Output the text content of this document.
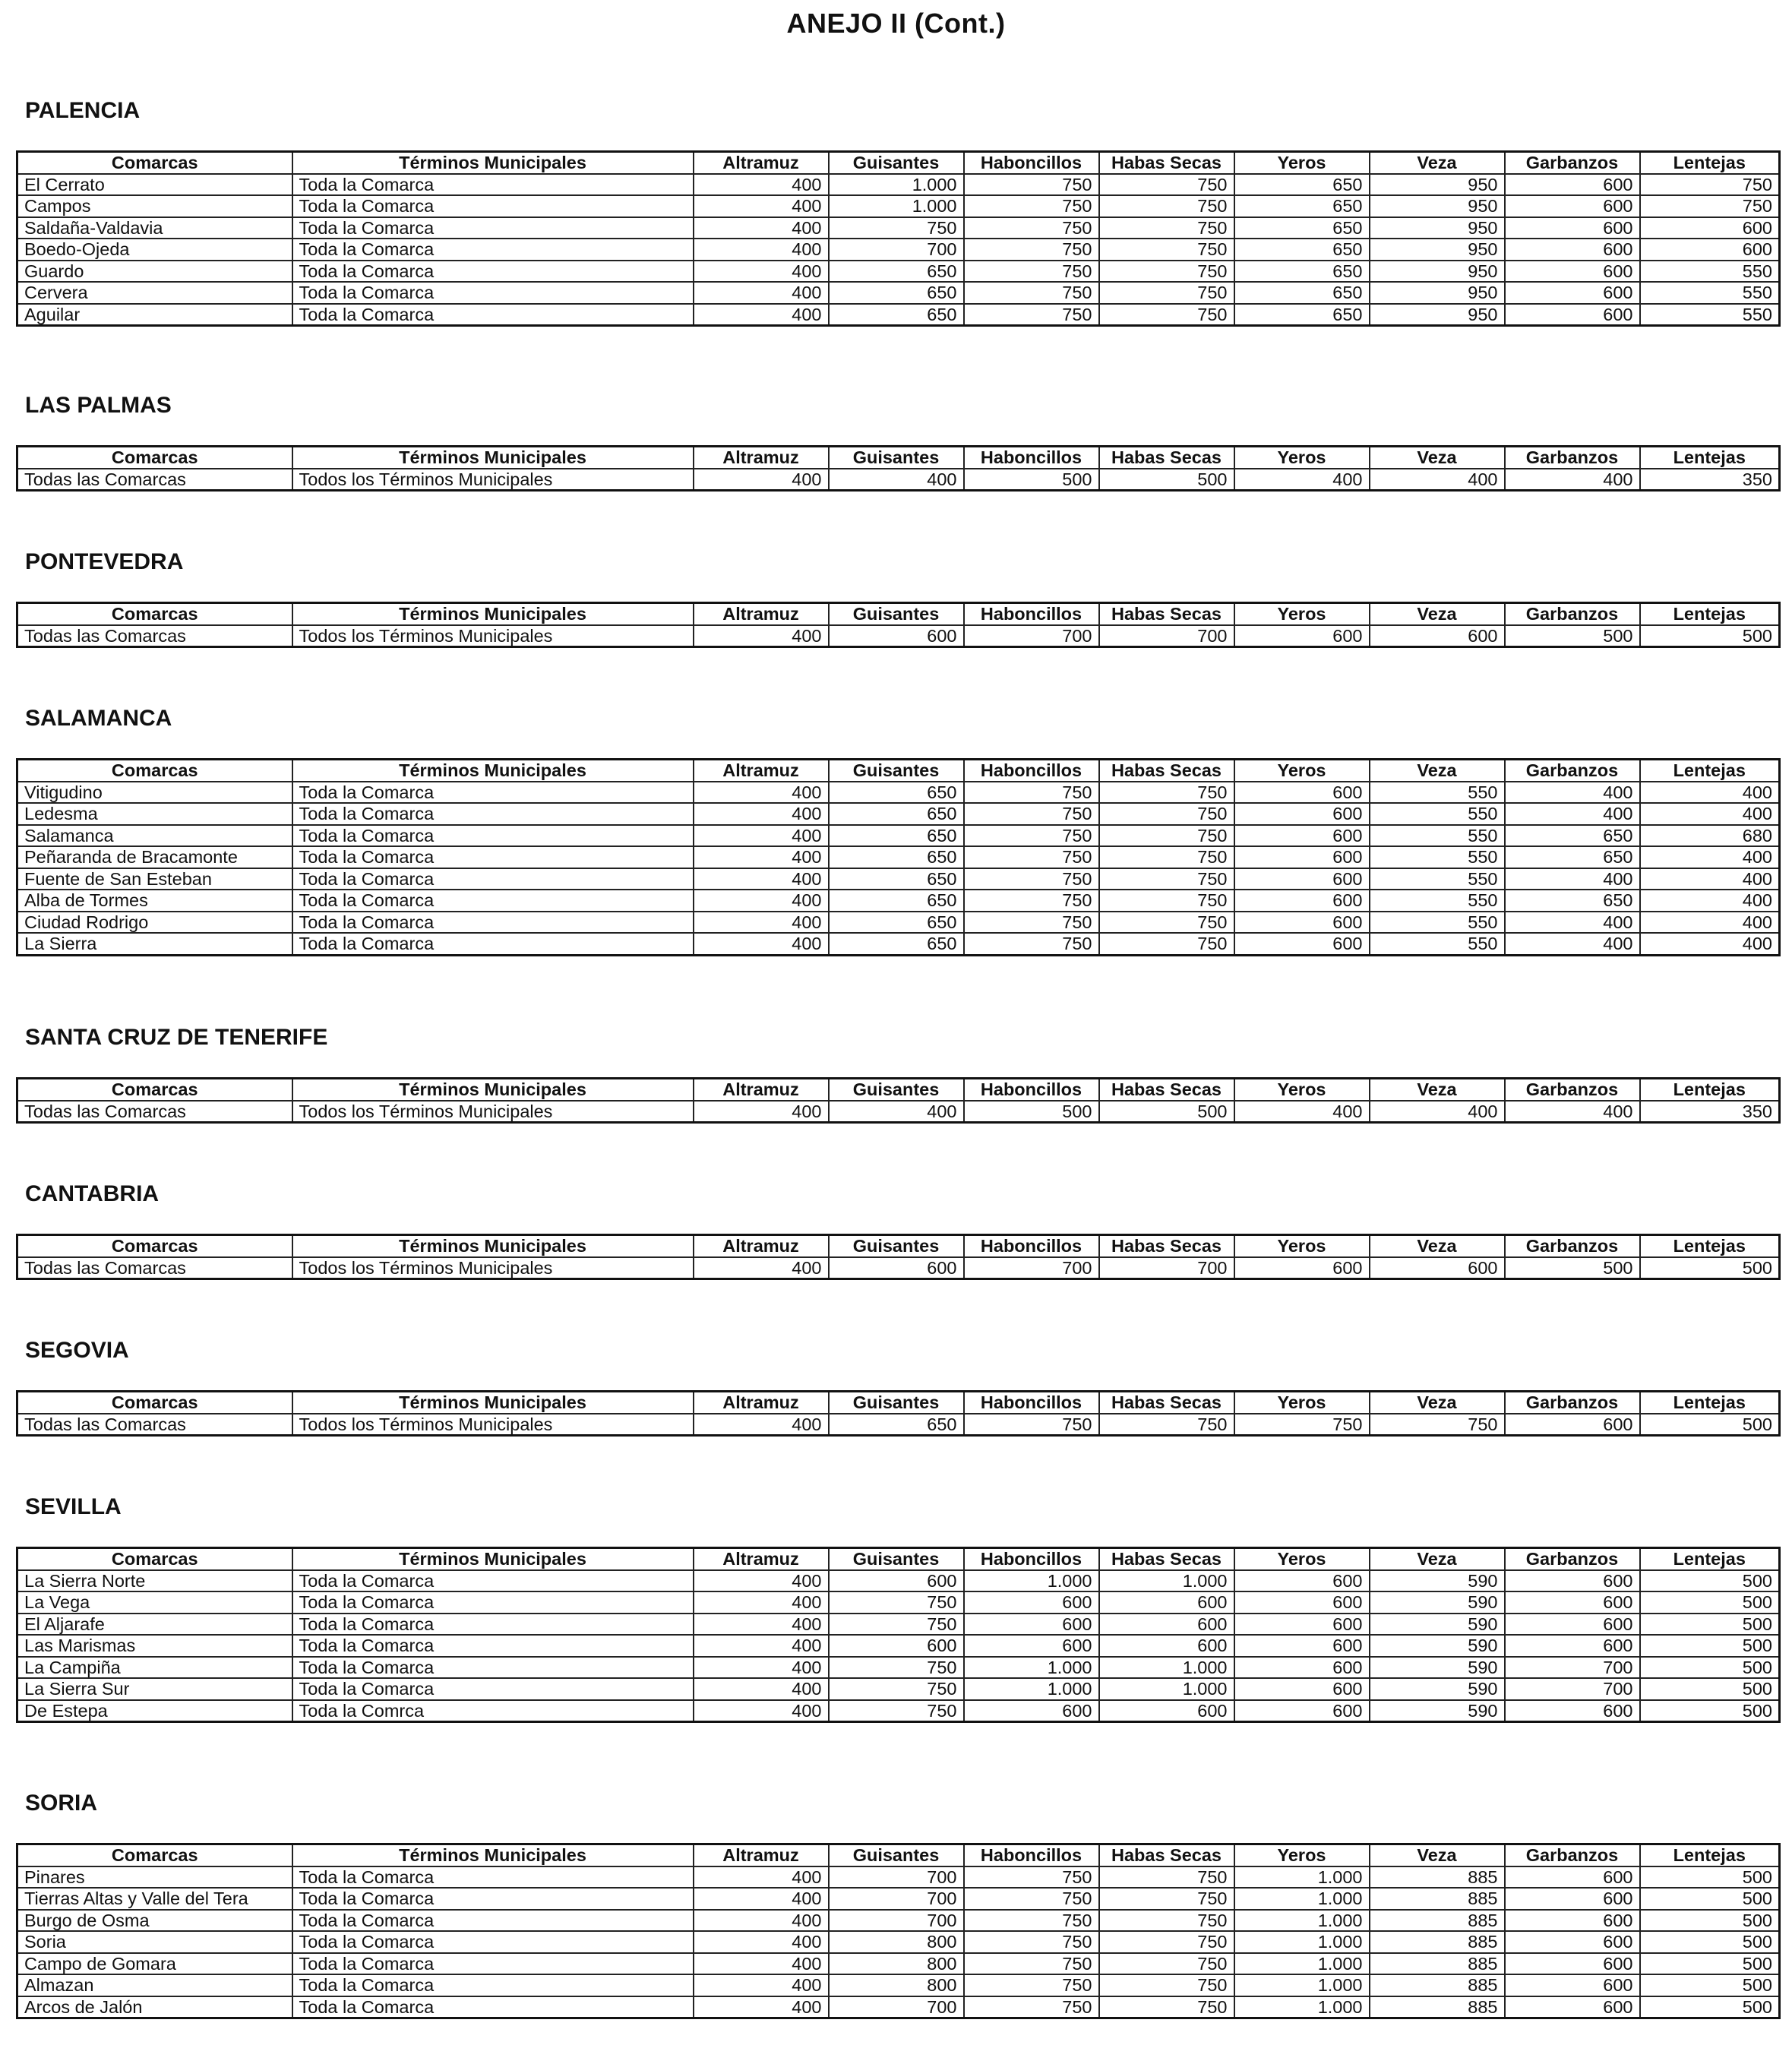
ANEJO II (Cont.)
PALENCIA
Comarcas	Términos Municipales	Altramuz	Guisantes	Haboncillos	Habas Secas	Yeros	Veza	Garbanzos	Lentejas
El Cerrato	Toda la Comarca	400	1.000	750	750	650	950	600	750
Campos	Toda la Comarca	400	1.000	750	750	650	950	600	750
Saldaña-Valdavia	Toda la Comarca	400	750	750	750	650	950	600	600
Boedo-Ojeda	Toda la Comarca	400	700	750	750	650	950	600	600
Guardo	Toda la Comarca	400	650	750	750	650	950	600	550
Cervera	Toda la Comarca	400	650	750	750	650	950	600	550
Aguilar	Toda la Comarca	400	650	750	750	650	950	600	550
LAS PALMAS
Comarcas	Términos Municipales	Altramuz	Guisantes	Haboncillos	Habas Secas	Yeros	Veza	Garbanzos	Lentejas
Todas las Comarcas	Todos los Términos Municipales	400	400	500	500	400	400	400	350
PONTEVEDRA
Comarcas	Términos Municipales	Altramuz	Guisantes	Haboncillos	Habas Secas	Yeros	Veza	Garbanzos	Lentejas
Todas las Comarcas	Todos los Términos Municipales	400	600	700	700	600	600	500	500
SALAMANCA
Comarcas	Términos Municipales	Altramuz	Guisantes	Haboncillos	Habas Secas	Yeros	Veza	Garbanzos	Lentejas
Vitigudino	Toda la Comarca	400	650	750	750	600	550	400	400
Ledesma	Toda la Comarca	400	650	750	750	600	550	400	400
Salamanca	Toda la Comarca	400	650	750	750	600	550	650	680
Peñaranda de Bracamonte	Toda la Comarca	400	650	750	750	600	550	650	400
Fuente de San Esteban	Toda la Comarca	400	650	750	750	600	550	400	400
Alba de Tormes	Toda la Comarca	400	650	750	750	600	550	650	400
Ciudad Rodrigo	Toda la Comarca	400	650	750	750	600	550	400	400
La Sierra	Toda la Comarca	400	650	750	750	600	550	400	400
SANTA CRUZ DE TENERIFE
Comarcas	Términos Municipales	Altramuz	Guisantes	Haboncillos	Habas Secas	Yeros	Veza	Garbanzos	Lentejas
Todas las Comarcas	Todos los Términos Municipales	400	400	500	500	400	400	400	350
CANTABRIA
Comarcas	Términos Municipales	Altramuz	Guisantes	Haboncillos	Habas Secas	Yeros	Veza	Garbanzos	Lentejas
Todas las Comarcas	Todos los Términos Municipales	400	600	700	700	600	600	500	500
SEGOVIA
Comarcas	Términos Municipales	Altramuz	Guisantes	Haboncillos	Habas Secas	Yeros	Veza	Garbanzos	Lentejas
Todas las Comarcas	Todos los Términos Municipales	400	650	750	750	750	750	600	500
SEVILLA
Comarcas	Términos Municipales	Altramuz	Guisantes	Haboncillos	Habas Secas	Yeros	Veza	Garbanzos	Lentejas
La Sierra Norte	Toda la Comarca	400	600	1.000	1.000	600	590	600	500
La Vega	Toda la Comarca	400	750	600	600	600	590	600	500
El Aljarafe	Toda la Comarca	400	750	600	600	600	590	600	500
Las Marismas	Toda la Comarca	400	600	600	600	600	590	600	500
La Campiña	Toda la Comarca	400	750	1.000	1.000	600	590	700	500
La Sierra Sur	Toda la Comarca	400	750	1.000	1.000	600	590	700	500
De Estepa	Toda la Comrca	400	750	600	600	600	590	600	500
SORIA
Comarcas	Términos Municipales	Altramuz	Guisantes	Haboncillos	Habas Secas	Yeros	Veza	Garbanzos	Lentejas
Pinares	Toda la Comarca	400	700	750	750	1.000	885	600	500
Tierras Altas y Valle del Tera	Toda la Comarca	400	700	750	750	1.000	885	600	500
Burgo de Osma	Toda la Comarca	400	700	750	750	1.000	885	600	500
Soria	Toda la Comarca	400	800	750	750	1.000	885	600	500
Campo de Gomara	Toda la Comarca	400	800	750	750	1.000	885	600	500
Almazan	Toda la Comarca	400	800	750	750	1.000	885	600	500
Arcos de Jalón	Toda la Comarca	400	700	750	750	1.000	885	600	500
